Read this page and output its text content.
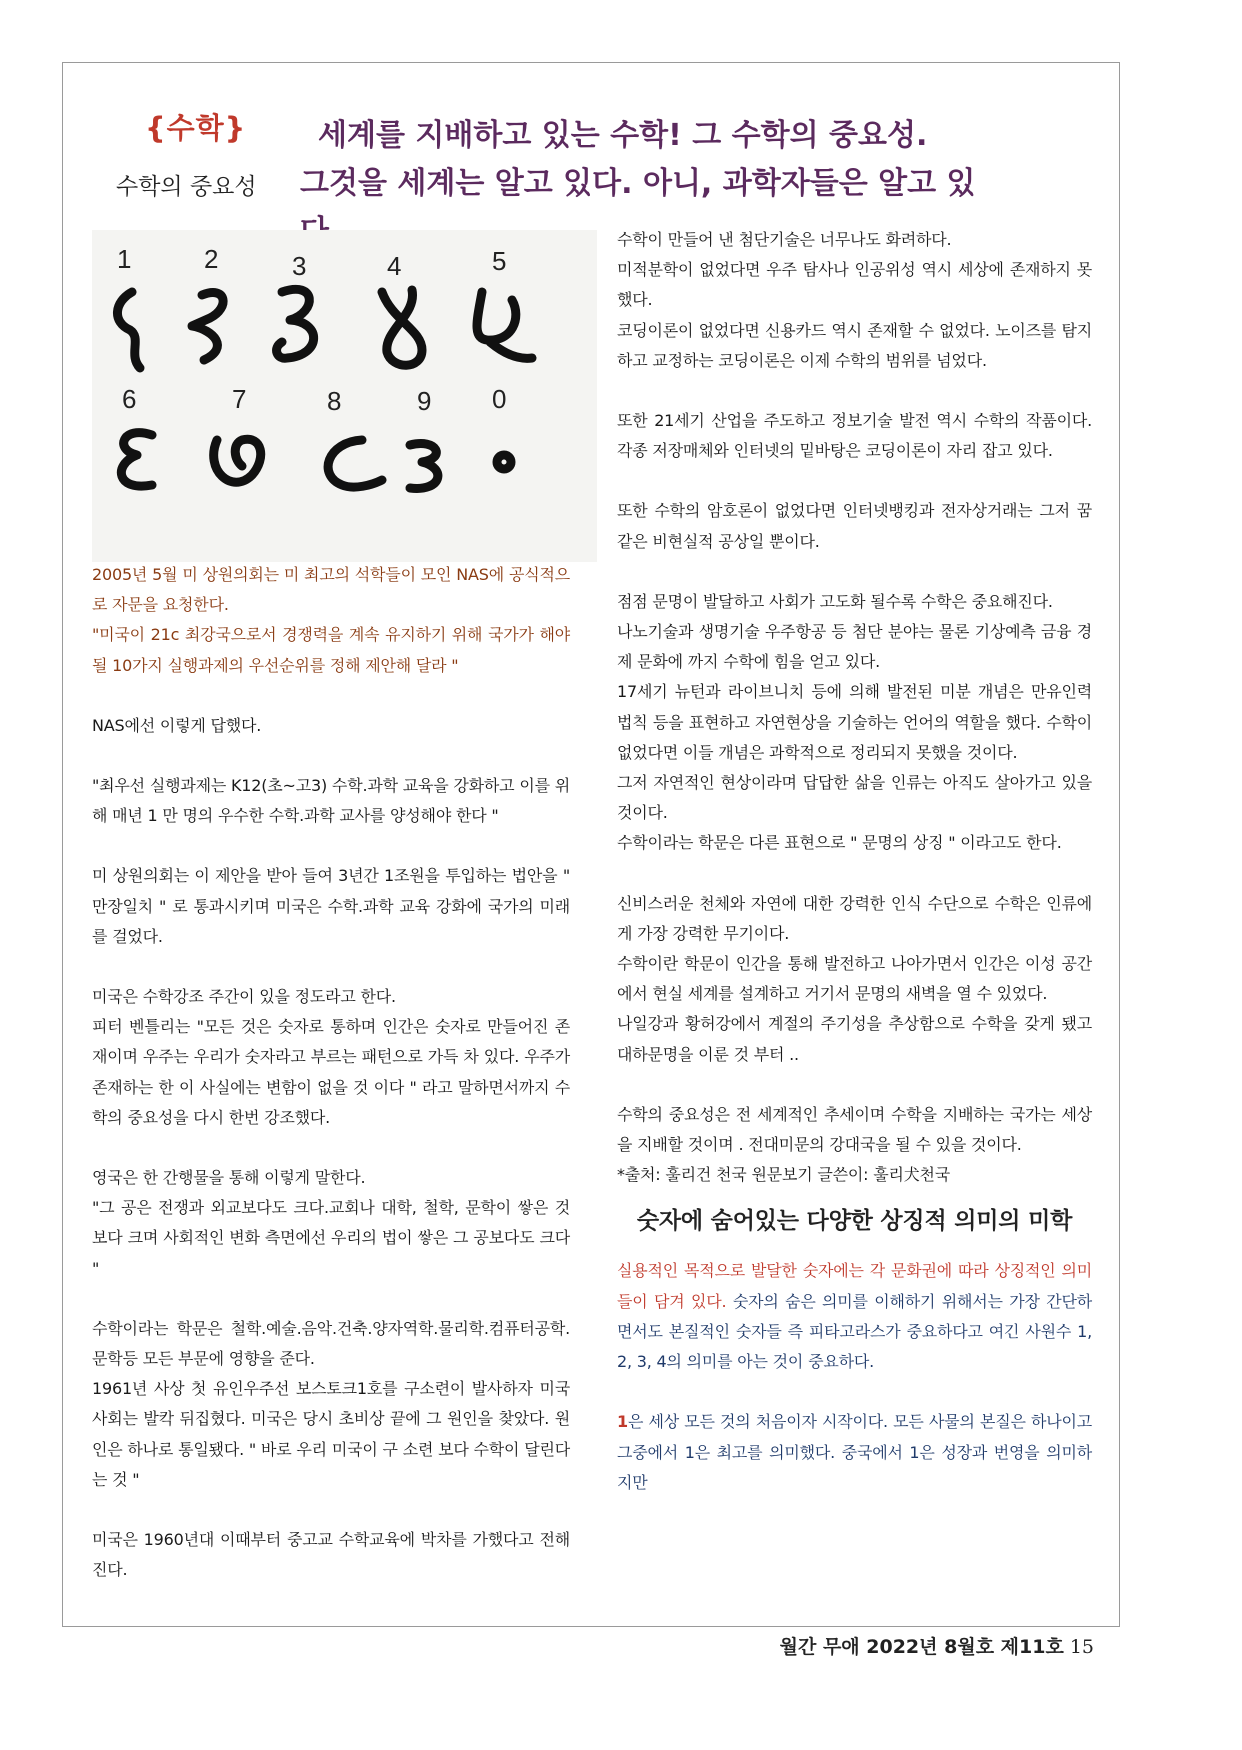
{수학}
수학의 중요성
세계를 지배하고 있는 수학! 그 수학의 중요성.
그것을 세계는 알고 있다. 아니, 과학자들은 알고 있
1	2	3	4	5
6	7	8	9 0

2005년 5월 미 상원의회는 미 최고의 석학들이 모인 NAS에 공식적으로 자문을 요청한다.

"미국이 21c 최강국으로서 경쟁력을 계속 유지하기 위해 국가가 해야 될 10가지 실행과제의 우선순위를 정해 제안해 달라 "

NAS에선 이렇게 답했다.

"최우선 실행과제는 K12(초~고3) 수학.과학 교육을 강화하고 이를 위해 매년 1 만 명의 우수한 수학.과학 교사를 양성해야 한다 "

미 상원의회는 이 제안을 받아 들여 3년간 1조원을 투입하는 법안을 " 만장일치 " 로 통과시키며 미국은 수학.과학 교육 강화에 국가의 미래를 걸었다.

미국은 수학강조 주간이 있을 정도라고 한다.

피터 벤틀리는 "모든 것은 숫자로 통하며 인간은 숫자로 만들어진 존재이며 우주는 우리가 숫자라고 부르는 패턴으로 가득 차 있다. 우주가 존재하는 한 이 사실에는 변함이 없을 것 이다 " 라고 말하면서까지 수학의 중요성을 다시 한번 강조했다.

영국은 한 간행물을 통해 이렇게 말한다.

"그 공은 전쟁과 외교보다도 크다.교회나 대학, 철학, 문학이 쌓은 것 보다 크며 사회적인 변화 측면에선 우리의 법이 쌓은 그 공보다도 크다 "

수학이라는 학문은 철학.예술.음악.건축.양자역학.물리학.컴퓨터공학.문학등 모든 부문에 영향을 준다.

1961년 사상 첫 유인우주선 보스토크1호를 구소련이 발사하자 미국사회는 발칵 뒤집혔다. 미국은 당시 초비상 끝에 그 원인을 찾았다. 원인은 하나로 통일됐다. " 바로 우리 미국이 구 소련 보다 수학이 달린다는 것 "

미국은 1960년대 이때부터 중고교 수학교육에 박차를 가했다고 전해진다.

수학이 만들어 낸 첨단기술은 너무나도 화려하다.

미적분학이 없었다면 우주 탐사나 인공위성 역시 세상에 존재하지 못했다.

코딩이론이 없었다면 신용카드 역시 존재할 수 없었다. 노이즈를 탐지하고 교정하는 코딩이론은 이제 수학의 범위를 넘었다.

또한 21세기 산업을 주도하고 정보기술 발전 역시 수학의 작품이다. 각종 저장매체와 인터넷의 밑바탕은 코딩이론이 자리 잡고 있다.

또한 수학의 암호론이 없었다면 인터넷뱅킹과 전자상거래는 그저 꿈 같은 비현실적 공상일 뿐이다.

점점 문명이 발달하고 사회가 고도화 될수록 수학은 중요해진다.

나노기술과 생명기술 우주항공 등 첨단 분야는 물론 기상예측 금융 경제 문화에 까지 수학에 힘을 얻고 있다.

17세기 뉴턴과 라이브니치 등에 의해 발전된 미분 개념은 만유인력 법칙 등을 표현하고 자연현상을 기술하는 언어의 역할을 했다. 수학이 없었다면 이들 개념은 과학적으로 정리되지 못했을 것이다.

그저 자연적인 현상이라며 답답한 삶을 인류는 아직도 살아가고 있을 것이다.

수학이라는 학문은 다른 표현으로 " 문명의 상징 " 이라고도 한다.

신비스러운 천체와 자연에 대한 강력한 인식 수단으로 수학은 인류에게 가장 강력한 무기이다.

수학이란 학문이 인간을 통해 발전하고 나아가면서 인간은 이성 공간에서 현실 세계를 설계하고 거기서 문명의 새벽을 열 수 있었다.

나일강과 황허강에서 계절의 주기성을 추상함으로 수학을 갖게 됐고 대하문명을 이룬 것 부터 ..

수학의 중요성은 전 세계적인 추세이며 수학을 지배하는 국가는 세상을 지배할 것이며 . 전대미문의 강대국을 될 수 있을 것이다.

*출처: 훌리건 천국 원문보기 글쓴이: 훌리犬천국

숫자에 숨어있는 다양한 상징적 의미의 미학

실용적인 목적으로 발달한 숫자에는 각 문화권에 따라 상징적인 의미들이 담겨 있다. 숫자의 숨은 의미를 이해하기 위해서는 가장 간단하면서도 본질적인 숫자들 즉 피타고라스가 중요하다고 여긴 사원수 1, 2, 3, 4의 의미를 아는 것이 중요하다.

1은 세상 모든 것의 처음이자 시작이다. 모든 사물의 본질은 하나이고 그중에서 1은 최고를 의미했다. 중국에서 1은 성장과 번영을 의미하지만

월간 무애 2022년 8월호 제11호 15
